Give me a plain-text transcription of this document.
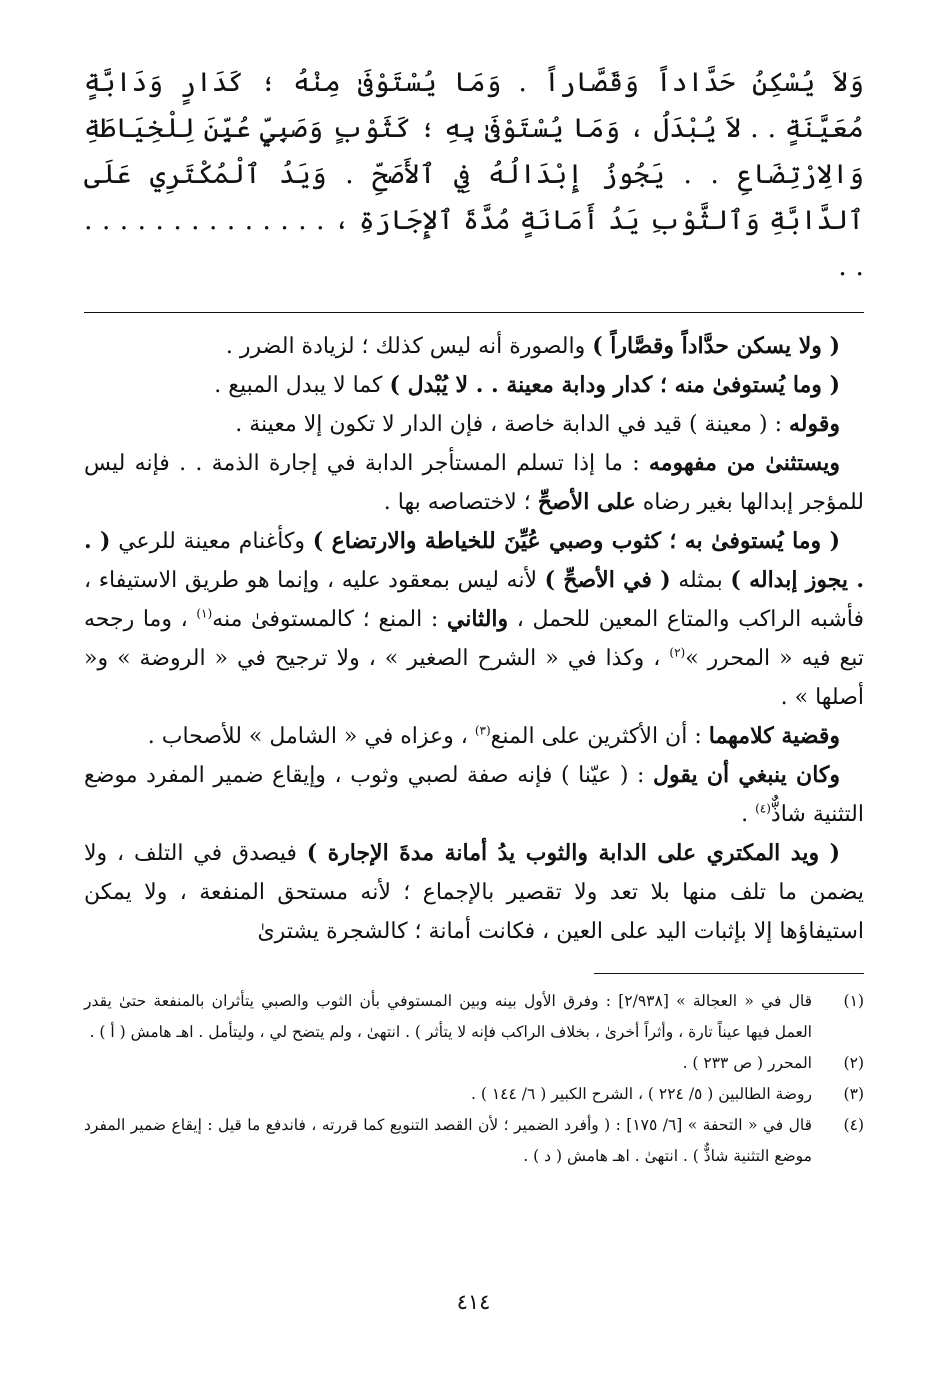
وَلاَ يُسْكِنُ حَدَّاداً وَقَصَّاراً . وَمَا يُسْتَوْفَىٰ مِنْهُ ؛ كَدَارٍ وَدَابَّةٍ مُعَيَّنَةٍ . . لاَ يُبْدَلُ ، وَمَا يُسْتَوْفَىٰ بِهِ ؛ كَثَوْبٍ وَصَبِيٍّ عُيِّنَ لِلْخِيَاطَةِ وَالِارْتِضَاعِ . . يَجُوزُ إِبْدَالُهُ فِي ٱلأَصَحِّ . وَيَدُ ٱلْمُكْتَرِي عَلَى ٱلدَّابَّةِ وَٱلثَّوْبِ يَدُ أَمَانَةٍ مُدَّةَ ٱلإِجَارَةِ ، . . . . . . . . . . . . . . . .

( ولا يسكن حدَّاداً وقصَّاراً ) والصورة أنه ليس كذلك ؛ لزيادة الضرر .

( وما يُستوفىٰ منه ؛ كدار ودابة معينة . . لا يُبْدل ) كما لا يبدل المبيع .

وقوله : ( معينة ) قيد في الدابة خاصة ، فإن الدار لا تكون إلا معينة .

ويستثنىٰ من مفهومه : ما إذا تسلم المستأجر الدابة في إجارة الذمة . . فإنه ليس للمؤجر إبدالها بغير رضاه على الأصحِّ ؛ لاختصاصه بها .

( وما يُستوفىٰ به ؛ كثوب وصبي عُيِّنَ للخياطة والارتضاع ) وكأغنام معينة للرعي ( . . يجوز إبداله ) بمثله ( في الأصحِّ ) لأنه ليس بمعقود عليه ، وإنما هو طريق الاستيفاء ، فأشبه الراكب والمتاع المعين للحمل ، والثاني : المنع ؛ كالمستوفىٰ منه$^{(١)}$ ، وما رجحه تبع فيه « المحرر »$^{(٢)}$ ، وكذا في « الشرح الصغير » ، ولا ترجيح في « الروضة » و« أصلها » .

وقضية كلامهما : أن الأكثرين على المنع$^{(٣)}$ ، وعزاه في « الشامل » للأصحاب .

وكان ينبغي أن يقول : ( عيّنا ) فإنه صفة لصبي وثوب ، وإيقاع ضمير المفرد موضع التثنية شاذٌّ$^{(٤)}$ .

( ويد المكتري على الدابة والثوب يدُ أمانة مدةَ الإجارة ) فيصدق في التلف ، ولا يضمن ما تلف منها بلا تعد ولا تقصير بالإجماع ؛ لأنه مستحق المنفعة ، ولا يمكن استيفاؤها إلا بإثبات اليد على العين ، فكانت أمانة ؛ كالشجرة يشترىٰ

(١)
قال في « العجالة » [٢/٩٣٨] : وفرق الأول بينه وبين المستوفي بأن الثوب والصبي يتأثران بالمنفعة حتىٰ يقدر العمل فيها عيناً تارة ، وأثراً أخرىٰ ، بخلاف الراكب فإنه لا يتأثر ) . انتهىٰ ، ولم يتضح لي ، وليتأمل . اهـ هامش ( أ ) .
(٢)
المحرر ( ص ٢٣٣ ) .
(٣)
روضة الطالبين ( ٥/ ٢٢٤ ) ، الشرح الكبير ( ٦/ ١٤٤ ) .
(٤)
قال في « التحفة » [٦/ ١٧٥] : ( وأفرد الضمير ؛ لأن القصد التنويع كما قررته ، فاندفع ما قيل : إيقاع ضمير المفرد موضع التثنية شاذٌّ ) . انتهىٰ . اهـ هامش ( د ) .
٤١٤
